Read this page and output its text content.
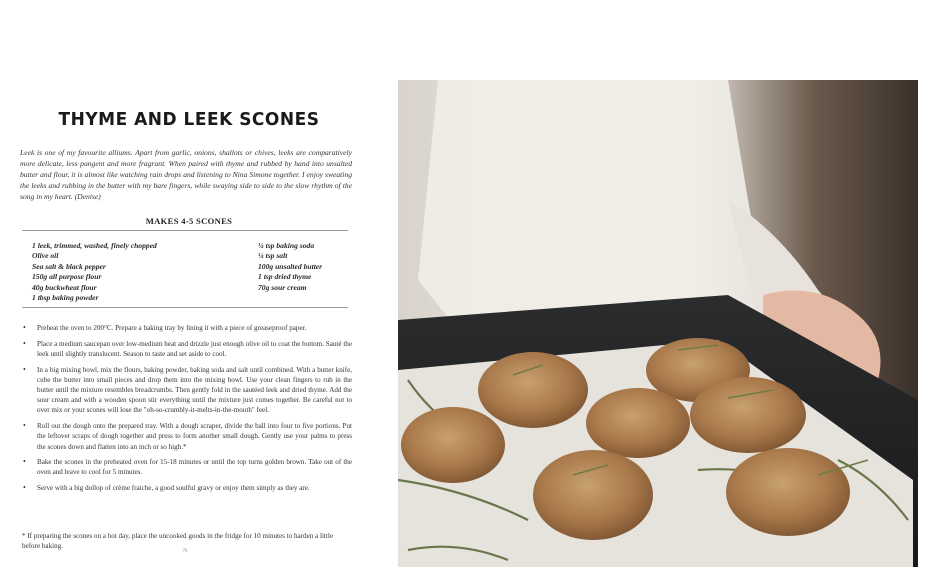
THYME AND LEEK SCONES
Leek is one of my favourite alliums. Apart from garlic, onions, shallots or chives, leeks are comparatively more delicate, less pungent and more fragrant. When paired with thyme and rubbed by hand into unsalted butter and flour, it is almost like watching rain drops and listening to Nina Simone together. I enjoy sweating the leeks and rubbing in the butter with my bare fingers, while swaying side to side to the slow rhythm of the song in my heart. (Denise)
MAKES 4-5 SCONES
1 leek, trimmed, washed, finely chopped
Olive oil
Sea salt & black pepper
150g all purpose flour
40g buckwheat flour
1 tbsp baking powder
¼ tsp baking soda
¼ tsp salt
100g unsalted butter
1 tsp dried thyme
70g sour cream
• Preheat the oven to 200°C. Prepare a baking tray by lining it with a piece of greaseproof paper.
• Place a medium saucepan over low-medium heat and drizzle just enough olive oil to coat the bottom. Sauté the leek until slightly translucent. Season to taste and set aside to cool.
• In a big mixing bowl, mix the flours, baking powder, baking soda and salt until combined. With a butter knife, cube the butter into small pieces and drop them into the mixing bowl. Use your clean fingers to rub in the butter until the mixture resembles breadcrumbs. Then gently fold in the sautéed leek and dried thyme. Add the sour cream and with a wooden spoon stir everything until the mixture just comes together. Be careful not to over mix or your scones will lose the "oh-so-crumbly-it-melts-in-the-mouth" feel.
• Roll out the dough onto the prepared tray. With a dough scraper, divide the ball into four to five portions. Put the leftover scraps of dough together and press to form another small dough. Gently use your palms to press the scones down and flatten into an inch or so high.*
• Bake the scones in the preheated oven for 15-18 minutes or until the top turns golden brown. Take out of the oven and leave to cool for 5 minutes.
• Serve with a big dollop of crème fraiche, a good soulful gravy or enjoy them simply as they are.
* If preparing the scones on a hot day, place the uncooked goods in the fridge for 10 minutes to harden a little before baking.
70
